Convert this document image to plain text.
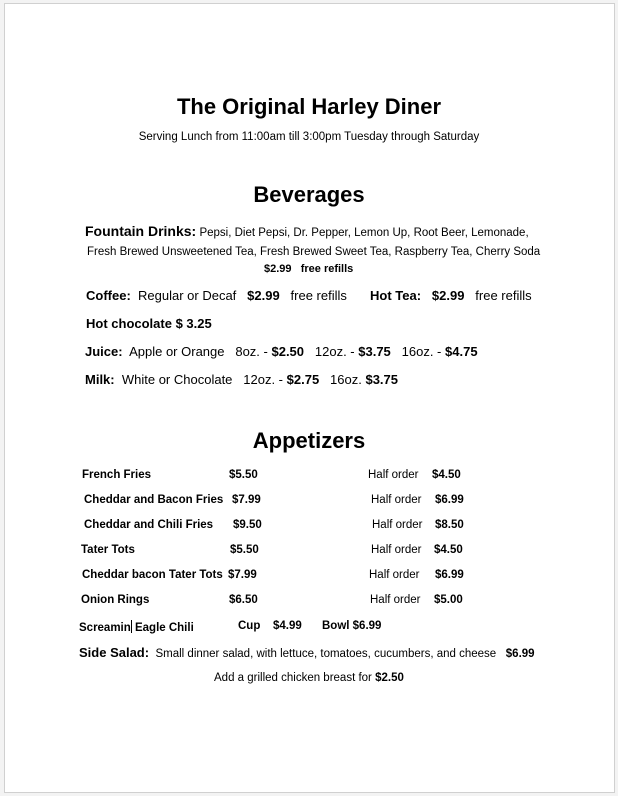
The Original Harley Diner
Serving Lunch from 11:00am till 3:00pm Tuesday through Saturday
Beverages
Fountain Drinks: Pepsi, Diet Pepsi, Dr. Pepper, Lemon Up, Root Beer, Lemonade,
Fresh Brewed Unsweetened Tea, Fresh Brewed Sweet Tea, Raspberry Tea, Cherry Soda
$2.99 free refills
Coffee: Regular or Decaf $2.99 free refills Hot Tea: $2.99 free refills
Hot chocolate $ 3.25
Juice: Apple or Orange 8oz. - $2.50 12oz. - $3.75 16oz. - $4.75
Milk: White or Chocolate 12oz. - $2.75 16oz. $3.75
Appetizers
French Fries	$5.50	Half order $4.50
Cheddar and Bacon Fries $7.99	Half order $6.99
Cheddar and Chili Fries $9.50	Half order $8.50
Tater Tots	$5.50	Half order $4.50
Cheddar bacon Tater Tots $7.99	Half order $6.99
Onion Rings	$6.50	Half order $5.00
Screamin Eagle Chili	Cup $4.99 Bowl $6.99
Side Salad: Small dinner salad, with lettuce, tomatoes, cucumbers, and cheese $6.99
Add a grilled chicken breast for $2.50
